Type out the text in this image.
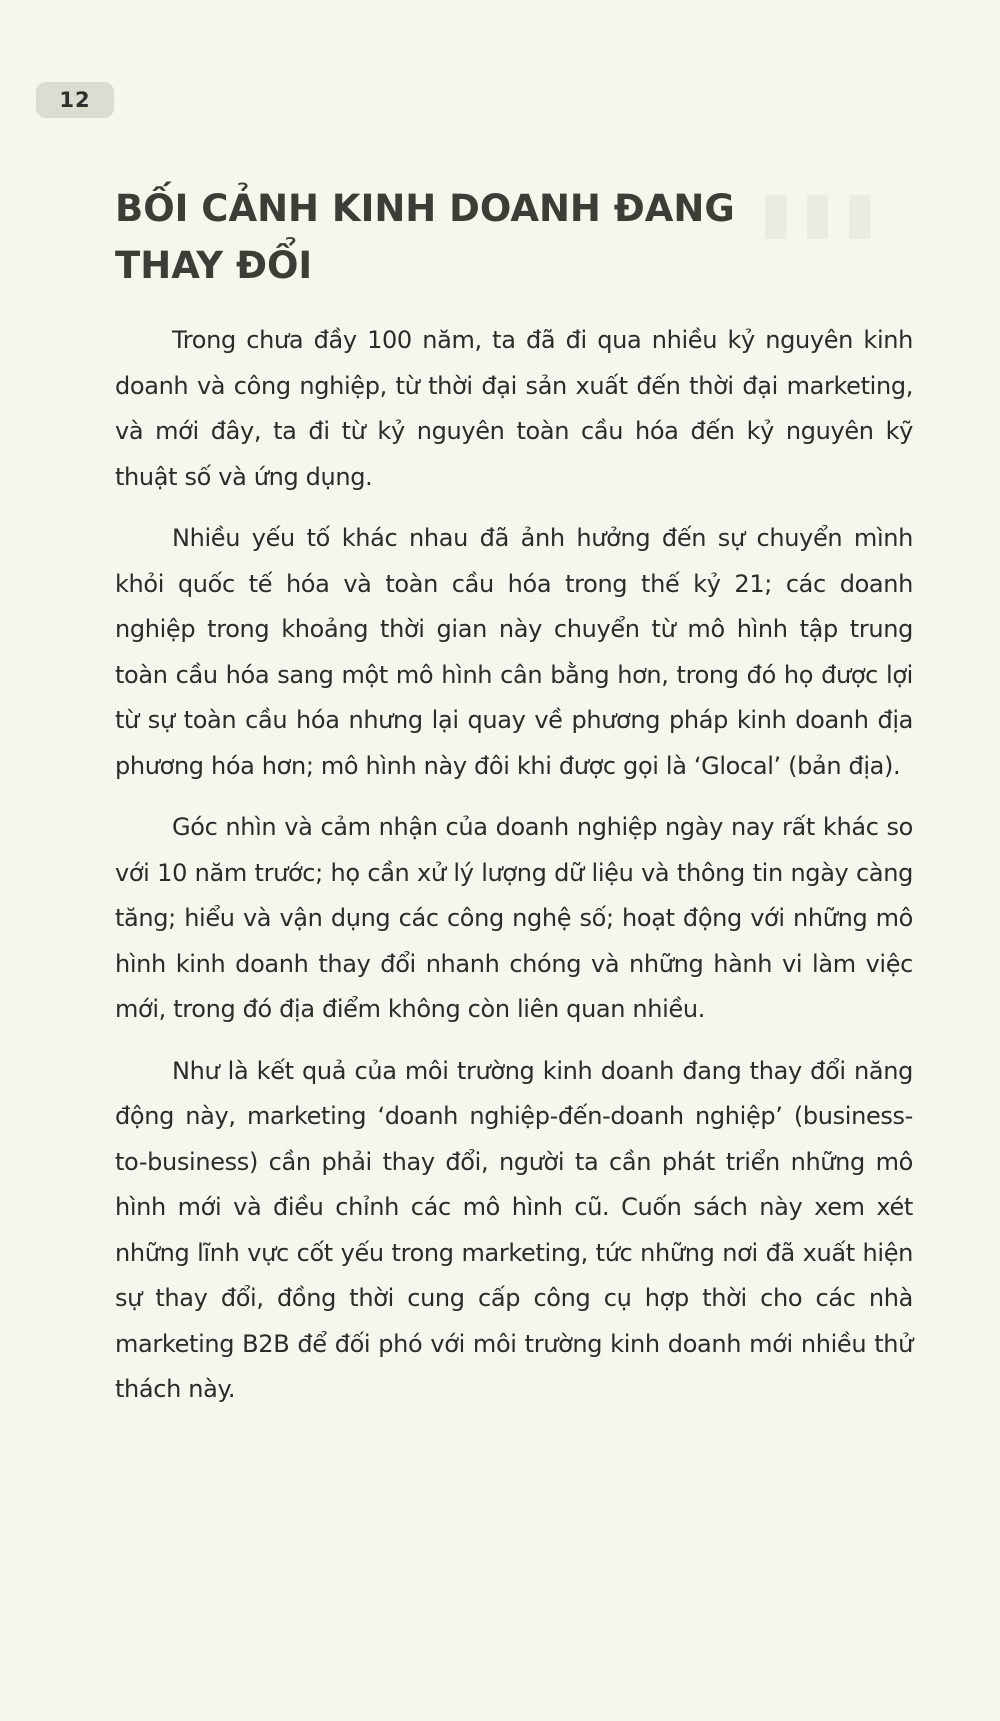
12
▮▮▮
BỐI CẢNH KINH DOANH ĐANG
THAY ĐỔI

Trong chưa đầy 100 năm, ta đã đi qua nhiều kỷ nguyên kinh doanh và công nghiệp, từ thời đại sản xuất đến thời đại marketing, và mới đây, ta đi từ kỷ nguyên toàn cầu hóa đến kỷ nguyên kỹ thuật số và ứng dụng.

Nhiều yếu tố khác nhau đã ảnh hưởng đến sự chuyển mình khỏi quốc tế hóa và toàn cầu hóa trong thế kỷ 21; các doanh nghiệp trong khoảng thời gian này chuyển từ mô hình tập trung toàn cầu hóa sang một mô hình cân bằng hơn, trong đó họ được lợi từ sự toàn cầu hóa nhưng lại quay về phương pháp kinh doanh địa phương hóa hơn; mô hình này đôi khi được gọi là ‘Glocal’ (bản địa).

Góc nhìn và cảm nhận của doanh nghiệp ngày nay rất khác so với 10 năm trước; họ cần xử lý lượng dữ liệu và thông tin ngày càng tăng; hiểu và vận dụng các công nghệ số; hoạt động với những mô hình kinh doanh thay đổi nhanh chóng và những hành vi làm việc mới, trong đó địa điểm không còn liên quan nhiều.

Như là kết quả của môi trường kinh doanh đang thay đổi năng động này, marketing ‘doanh nghiệp-đến-doanh nghiệp’ (business-to-business) cần phải thay đổi, người ta cần phát triển những mô hình mới và điều chỉnh các mô hình cũ. Cuốn sách này xem xét những lĩnh vực cốt yếu trong marketing, tức những nơi đã xuất hiện sự thay đổi, đồng thời cung cấp công cụ hợp thời cho các nhà marketing B2B để đối phó với môi trường kinh doanh mới nhiều thử thách này.
